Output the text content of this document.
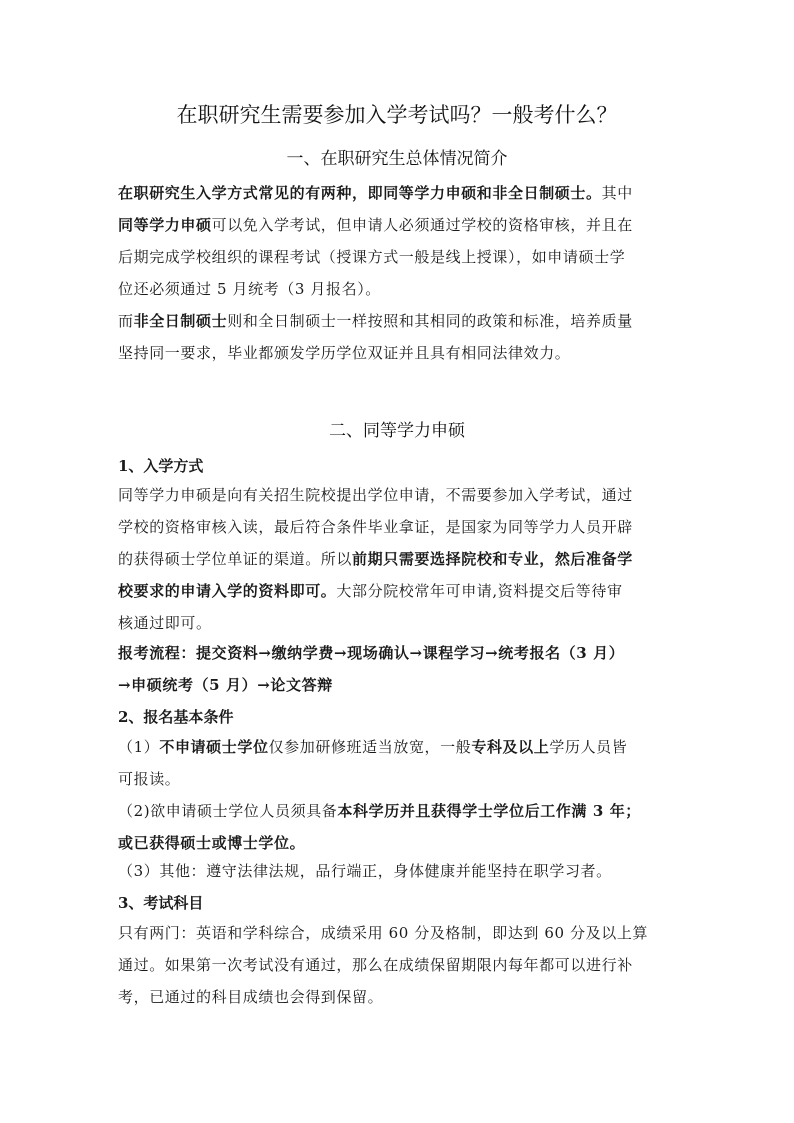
在职研究生需要参加入学考试吗？一般考什么？
一、在职研究生总体情况简介

在职研究生入学方式常见的有两种，即同等学力申硕和非全日制硕士。其中
同等学力申硕可以免入学考试，但申请人必须通过学校的资格审核，并且在
后期完成学校组织的课程考试（授课方式一般是线上授课），如申请硕士学
位还必须通过 5 月统考（3 月报名）。

而非全日制硕士则和全日制硕士一样按照和其相同的政策和标准，培养质量
坚持同一要求，毕业都颁发学历学位双证并且具有相同法律效力。

二、同等学力申硕
1、入学方式

同等学力申硕是向有关招生院校提出学位申请，不需要参加入学考试，通过
学校的资格审核入读，最后符合条件毕业拿证，是国家为同等学力人员开辟
的获得硕士学位单证的渠道。所以前期只需要选择院校和专业，然后准备学
校要求的申请入学的资料即可。大部分院校常年可申请,资料提交后等待审
核通过即可。

报考流程：提交资料→缴纳学费→现场确认→课程学习→统考报名（3 月）
→申硕统考（5 月）→论文答辩

2、报名基本条件

（1）不申请硕士学位仅参加研修班适当放宽，一般专科及以上学历人员皆
可报读。

（2)欲申请硕士学位人员须具备本科学历并且获得学士学位后工作满 3 年；
或已获得硕士或博士学位。

（3）其他：遵守法律法规，品行端正，身体健康并能坚持在职学习者。

3、考试科目

只有两门：英语和学科综合，成绩采用 60 分及格制，即达到 60 分及以上算
通过。如果第一次考试没有通过，那么在成绩保留期限内每年都可以进行补
考，已通过的科目成绩也会得到保留。
